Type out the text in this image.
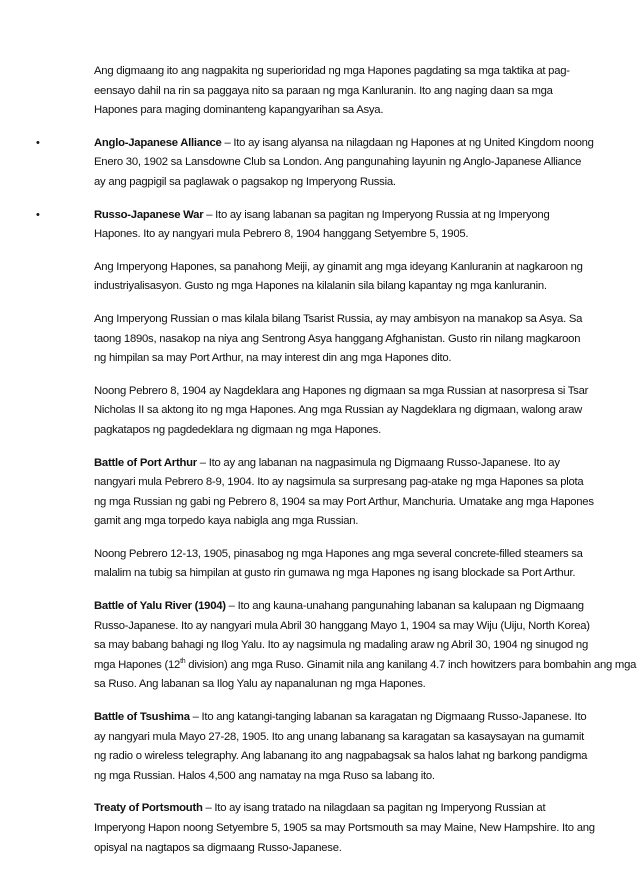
Ang digmaang ito ang nagpakita ng superioridad ng mga Hapones pagdating sa mga taktika at pag-
eensayo dahil na rin sa paggaya nito sa paraan ng mga Kanluranin. Ito ang naging daan sa mga
Hapones para maging dominanteng kapangyarihan sa Asya.

•	Anglo-Japanese Alliance – Ito ay isang alyansa na nilagdaan ng Hapones at ng United Kingdom noong
Enero 30, 1902 sa Lansdowne Club sa London. Ang pangunahing layunin ng Anglo-Japanese Alliance
ay ang pagpigil sa paglawak o pagsakop ng Imperyong Russia.

•	Russo-Japanese War – Ito ay isang labanan sa pagitan ng Imperyong Russia at ng Imperyong
Hapones. Ito ay nangyari mula Pebrero 8, 1904 hanggang Setyembre 5, 1905.

Ang Imperyong Hapones, sa panahong Meiji, ay ginamit ang mga ideyang Kanluranin at nagkaroon ng
industriyalisasyon. Gusto ng mga Hapones na kilalanin sila bilang kapantay ng mga kanluranin.

Ang Imperyong Russian o mas kilala bilang Tsarist Russia, ay may ambisyon na manakop sa Asya. Sa
taong 1890s, nasakop na niya ang Sentrong Asya hanggang Afghanistan. Gusto rin nilang magkaroon
ng himpilan sa may Port Arthur, na may interest din ang mga Hapones dito.

Noong Pebrero 8, 1904 ay Nagdeklara ang Hapones ng digmaan sa mga Russian at nasorpresa si Tsar
Nicholas II sa aktong ito ng mga Hapones. Ang mga Russian ay Nagdeklara ng digmaan, walong araw
pagkatapos ng pagdedeklara ng digmaan ng mga Hapones.

Battle of Port Arthur – Ito ay ang labanan na nagpasimula ng Digmaang Russo-Japanese. Ito ay
nangyari mula Pebrero 8-9, 1904. Ito ay nagsimula sa surpresang pag-atake ng mga Hapones sa plota
ng mga Russian ng gabi ng Pebrero 8, 1904 sa may Port Arthur, Manchuria. Umatake ang mga Hapones
gamit ang mga torpedo kaya nabigla ang mga Russian.

Noong Pebrero 12-13, 1905, pinasabog ng mga Hapones ang mga several concrete-filled steamers sa
malalim na tubig sa himpilan at gusto rin gumawa ng mga Hapones ng isang blockade sa Port Arthur.

Battle of Yalu River (1904) – Ito ang kauna-unahang pangunahing labanan sa kalupaan ng Digmaang
Russo-Japanese. Ito ay nangyari mula Abril 30 hanggang Mayo 1, 1904 sa may Wiju (Uiju, North Korea)
sa may babang bahagi ng Ilog Yalu. Ito ay nagsimula ng madaling araw ng Abril 30, 1904 ng sinugod ng
mga Hapones (12th division) ang mga Ruso. Ginamit nila ang kanilang 4.7 inch howitzers para bombahin ang mga
sa Ruso. Ang labanan sa Ilog Yalu ay napanalunan ng mga Hapones.

Battle of Tsushima – Ito ang katangi-tanging labanan sa karagatan ng Digmaang Russo-Japanese. Ito
ay nangyari mula Mayo 27-28, 1905. Ito ang unang labanang sa karagatan sa kasaysayan na gumamit
ng radio o wireless telegraphy. Ang labanang ito ang nagpabagsak sa halos lahat ng barkong pandigma
ng mga Russian. Halos 4,500 ang namatay na mga Ruso sa labang ito.

Treaty of Portsmouth – Ito ay isang tratado na nilagdaan sa pagitan ng Imperyong Russian at
Imperyong Hapon noong Setyembre 5, 1905 sa may Portsmouth sa may Maine, New Hampshire. Ito ang
opisyal na nagtapos sa digmaang Russo-Japanese.
